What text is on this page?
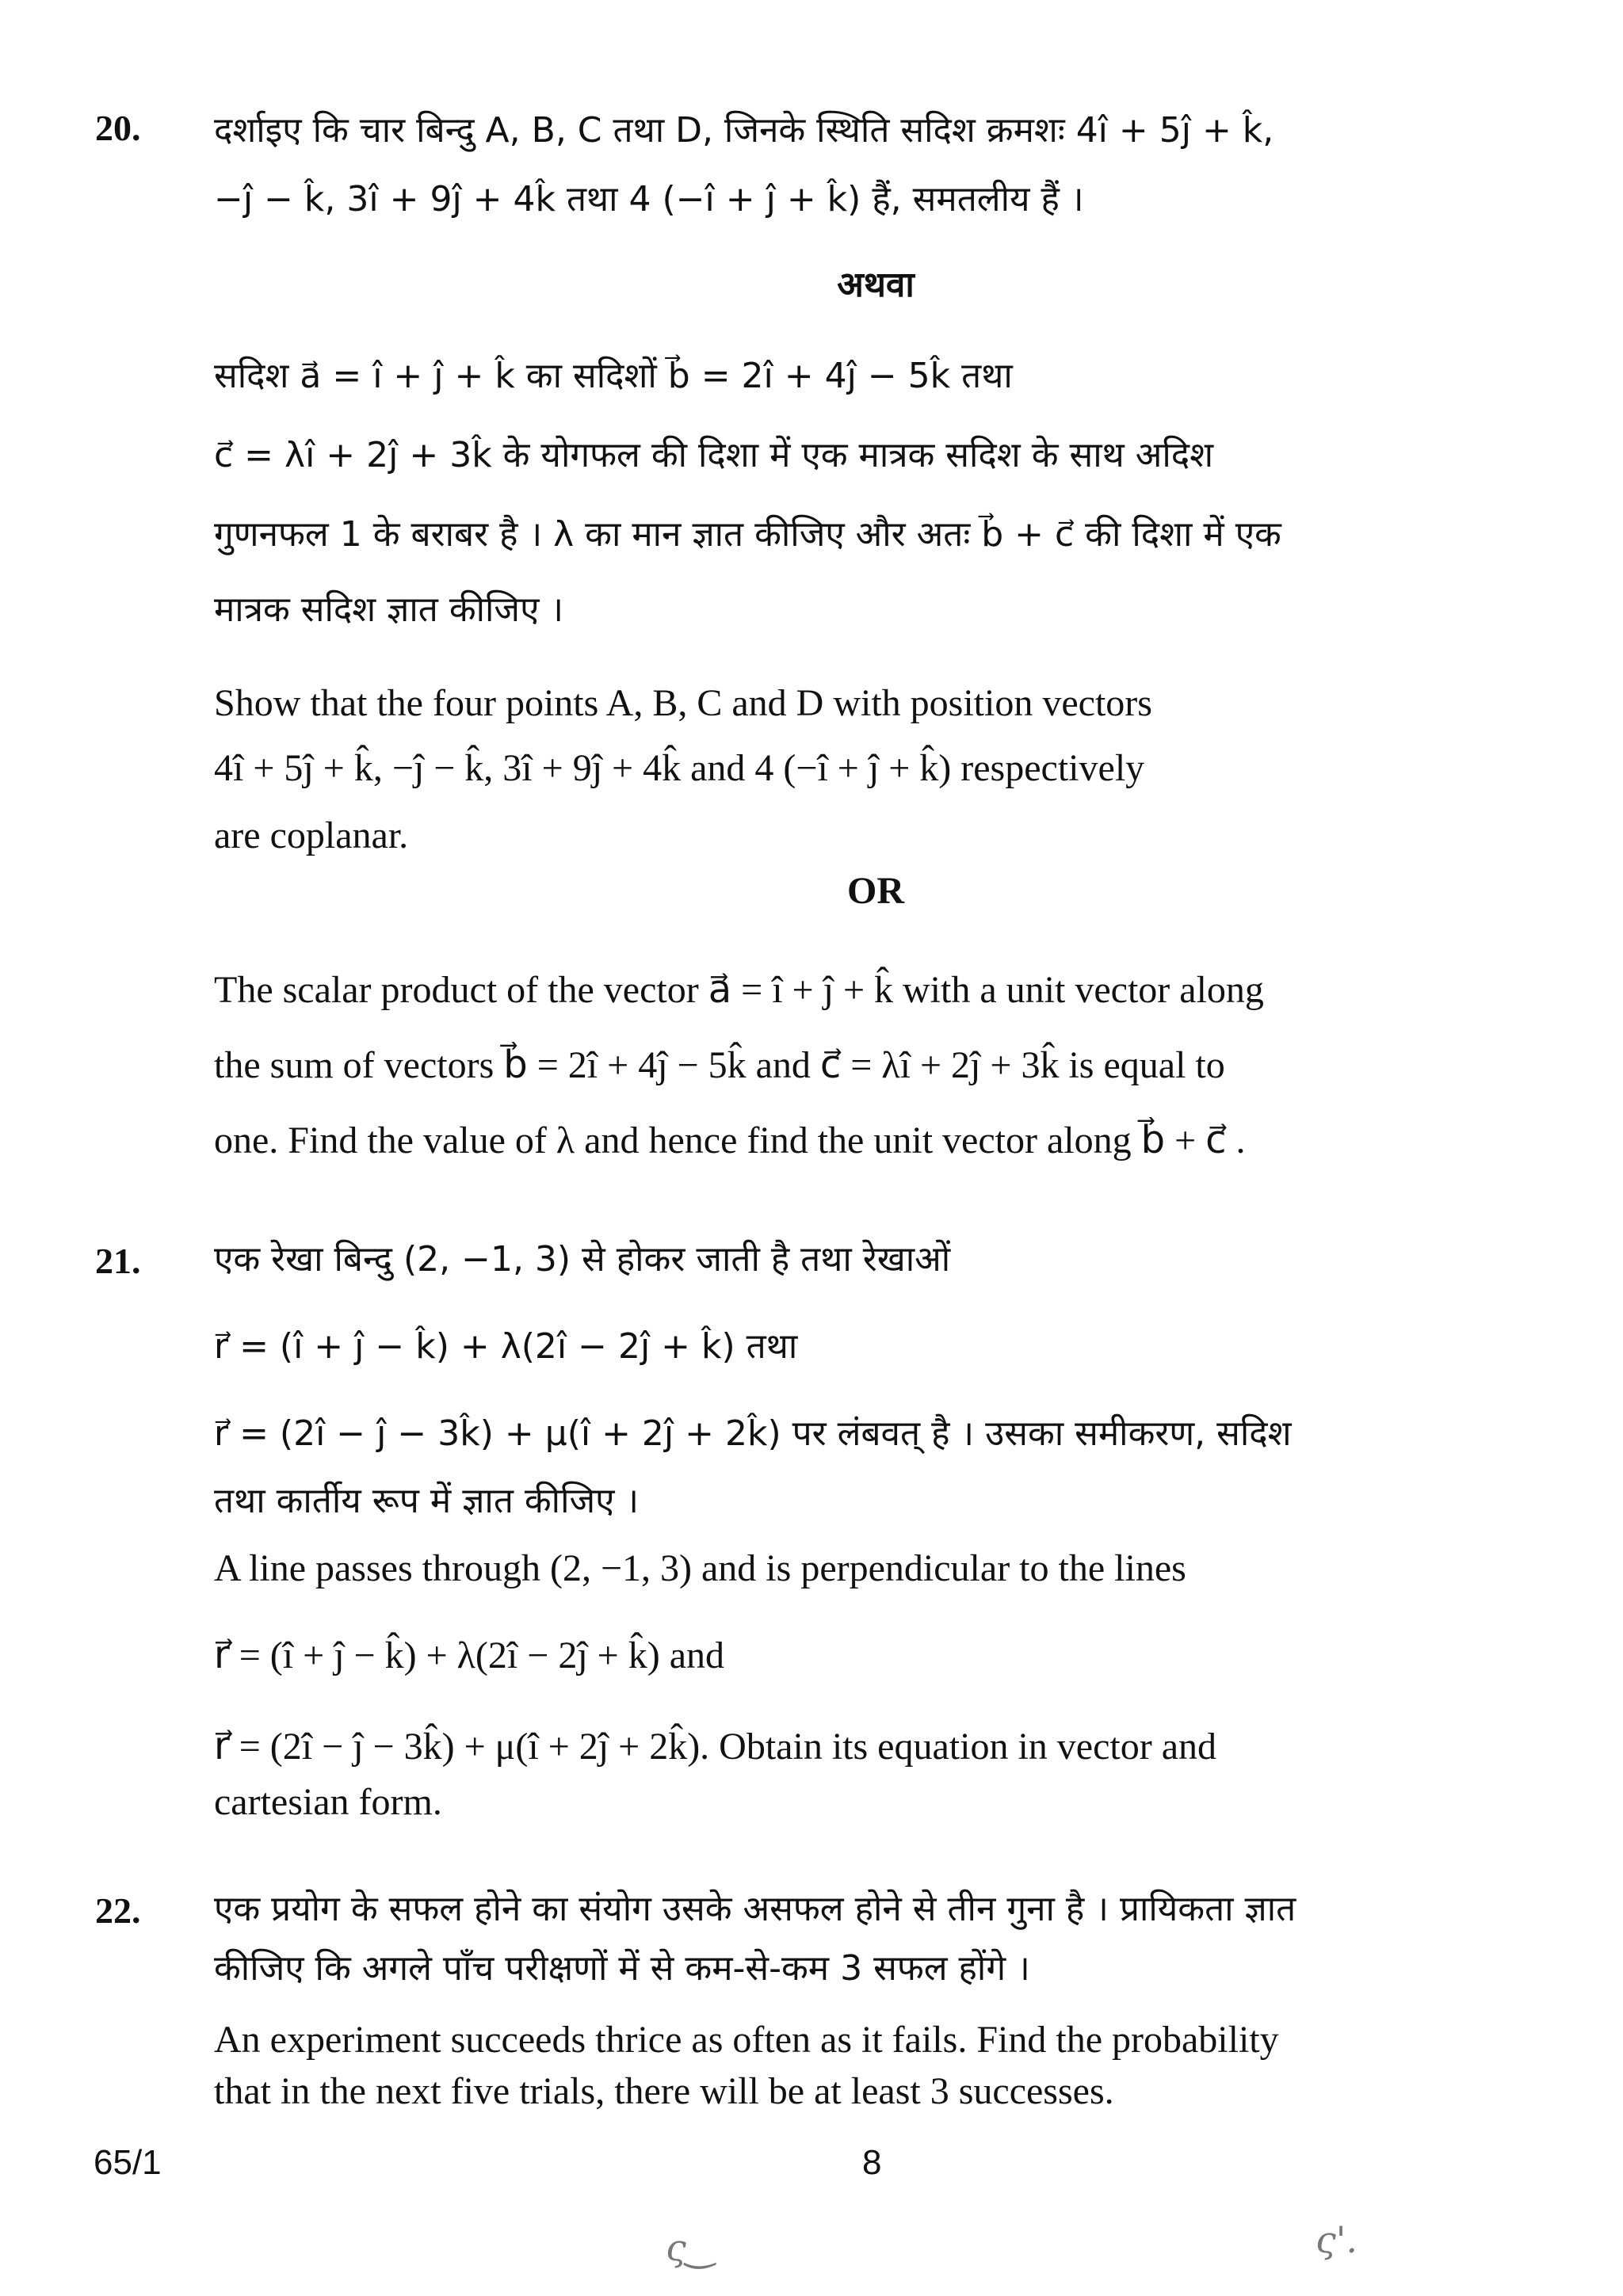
20. दर्शाइए कि चार बिन्दु A, B, C तथा D, जिनके स्थिति सदिश क्रमशः 4î + 5ĵ + k̂,
−ĵ − k̂, 3î + 9ĵ + 4k̂ तथा 4 (−î + ĵ + k̂) हैं, समतलीय हैं ।
अथवा
सदिश a⃗ = î + ĵ + k̂ का सदिशों b⃗ = 2î + 4ĵ − 5k̂ तथा
c⃗ = λî + 2ĵ + 3k̂ के योगफल की दिशा में एक मात्रक सदिश के साथ अदिश
गुणनफल 1 के बराबर है । λ का मान ज्ञात कीजिए और अतः b⃗ + c⃗ की दिशा में एक
मात्रक सदिश ज्ञात कीजिए ।
Show that the four points A, B, C and D with position vectors
4î + 5ĵ + k̂, −ĵ − k̂, 3î + 9ĵ + 4k̂ and 4 (−î + ĵ + k̂) respectively
are coplanar.
OR
The scalar product of the vector a⃗ = î + ĵ + k̂ with a unit vector along
the sum of vectors b⃗ = 2î + 4ĵ − 5k̂ and c⃗ = λî + 2ĵ + 3k̂ is equal to
one. Find the value of λ and hence find the unit vector along b⃗ + c⃗ .
21. एक रेखा बिन्दु (2, −1, 3) से होकर जाती है तथा रेखाओं
r⃗ = (î + ĵ − k̂) + λ(2î − 2ĵ + k̂) तथा
r⃗ = (2î − ĵ − 3k̂) + μ(î + 2ĵ + 2k̂) पर लंबवत् है । उसका समीकरण, सदिश
तथा कार्तीय रूप में ज्ञात कीजिए ।
A line passes through (2, −1, 3) and is perpendicular to the lines
r⃗ = (î + ĵ − k̂) + λ(2î − 2ĵ + k̂) and
r⃗ = (2î − ĵ − 3k̂) + μ(î + 2ĵ + 2k̂). Obtain its equation in vector and
cartesian form.
22. एक प्रयोग के सफल होने का संयोग उसके असफल होने से तीन गुना है । प्रायिकता ज्ञात
कीजिए कि अगले पाँच परीक्षणों में से कम-से-कम 3 सफल होंगे ।
An experiment succeeds thrice as often as it fails. Find the probability
that in the next five trials, there will be at least 3 successes.
65/1	8
ς‿	ς'.
